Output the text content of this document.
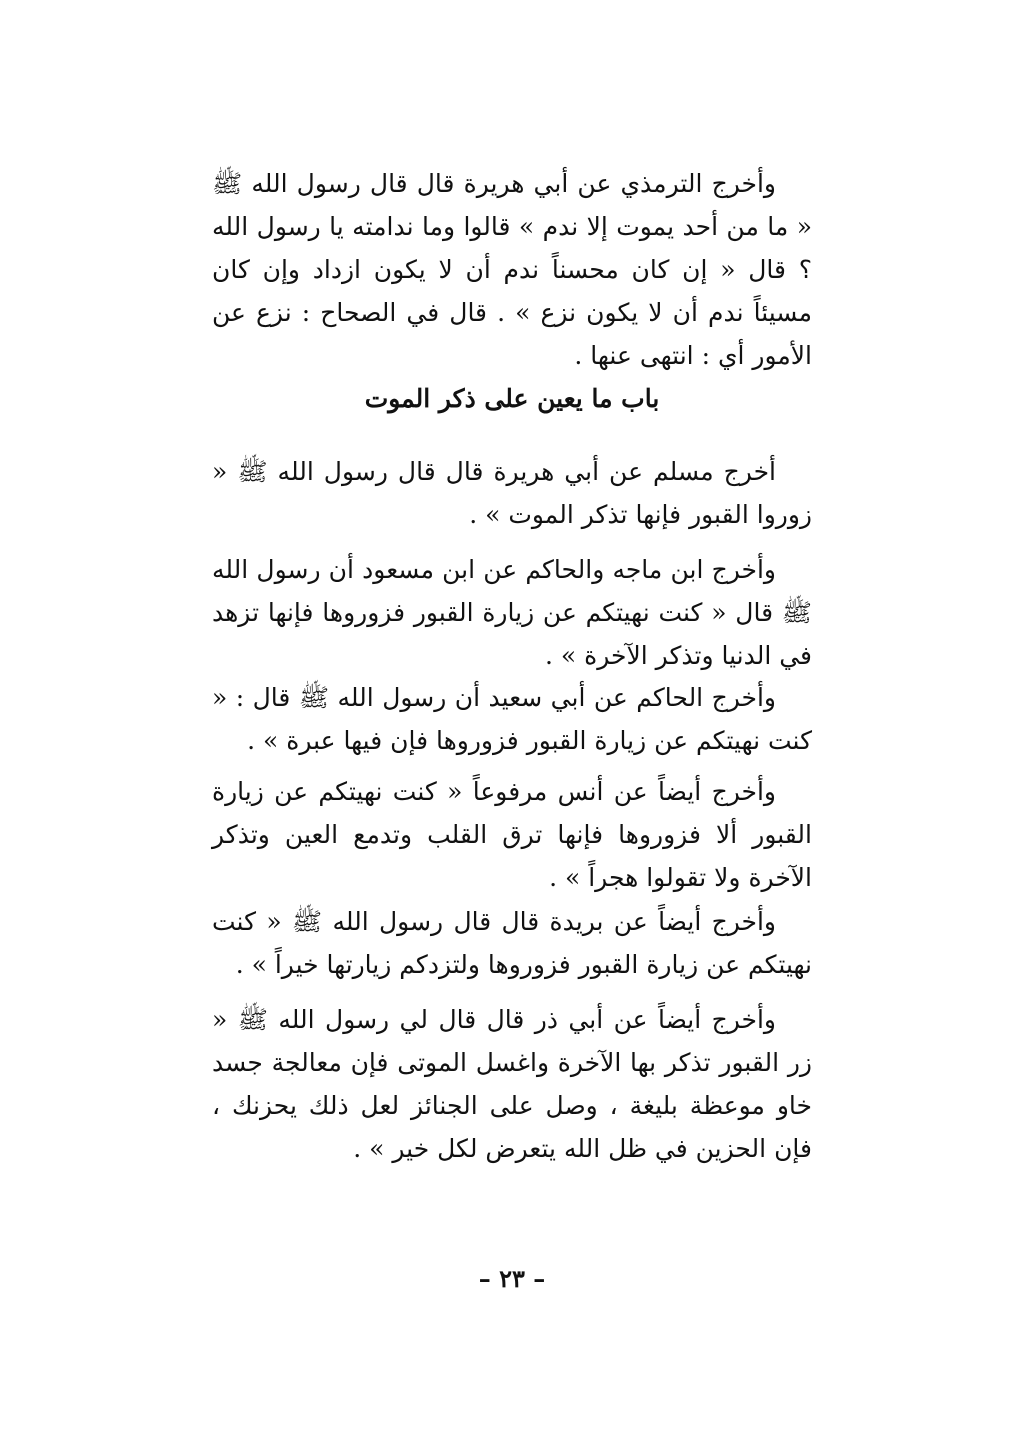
وأخرج الترمذي عن أبي هريرة قال قال رسول الله ﷺ « ما من أحد يموت إلا ندم » قالوا وما ندامته يا رسول الله ؟ قال « إن كان محسناً ندم أن لا يكون ازداد وإن كان مسيئاً ندم أن لا يكون نزع » . قال في الصحاح : نزع عن الأمور أي : انتهى عنها .

باب ما يعين على ذكر الموت

أخرج مسلم عن أبي هريرة قال قال رسول الله ﷺ « زوروا القبور فإنها تذكر الموت » .

وأخرج ابن ماجه والحاكم عن ابن مسعود أن رسول الله ﷺ قال « كنت نهيتكم عن زيارة القبور فزوروها فإنها تزهد في الدنيا وتذكر الآخرة » .

وأخرج الحاكم عن أبي سعيد أن رسول الله ﷺ قال : « كنت نهيتكم عن زيارة القبور فزوروها فإن فيها عبرة » .

وأخرج أيضاً عن أنس مرفوعاً « كنت نهيتكم عن زيارة القبور ألا فزوروها فإنها ترق القلب وتدمع العين وتذكر الآخرة ولا تقولوا هجراً » .

وأخرج أيضاً عن بريدة قال قال رسول الله ﷺ « كنت نهيتكم عن زيارة القبور فزوروها ولتزدكم زيارتها خيراً » .

وأخرج أيضاً عن أبي ذر قال قال لي رسول الله ﷺ « زر القبور تذكر بها الآخرة واغسل الموتى فإن معالجة جسد خاو موعظة بليغة ، وصل على الجنائز لعل ذلك يحزنك ، فإن الحزين في ظل الله يتعرض لكل خير » .

– ٢٣ –
